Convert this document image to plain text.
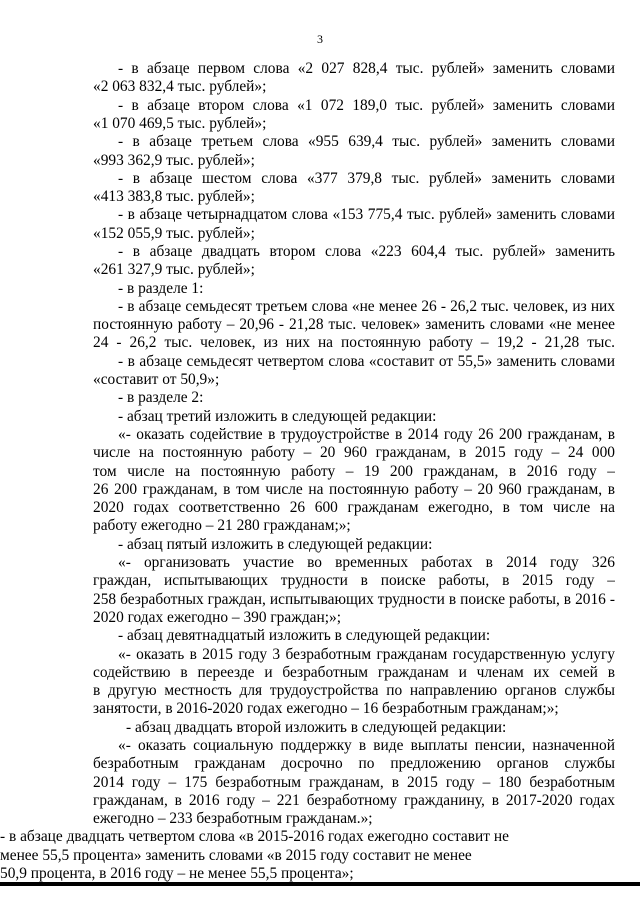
3
- в абзаце первом слова «2 027 828,4 тыс. рублей» заменить словами
«2 063 832,4 тыс. рублей»;
- в абзаце втором слова «1 072 189,0 тыс. рублей» заменить словами
«1 070 469,5 тыс. рублей»;
- в абзаце третьем слова «955 639,4 тыс. рублей» заменить словами
«993 362,9 тыс. рублей»;
- в абзаце шестом слова «377 379,8 тыс. рублей» заменить словами
«413 383,8 тыс. рублей»;
- в абзаце четырнадцатом слова «153 775,4 тыс. рублей» заменить словами
«152 055,9 тыс. рублей»;
- в абзаце двадцать втором слова «223 604,4 тыс. рублей» заменить
«261 327,9 тыс. рублей»;
- в разделе 1:
- в абзаце семьдесят третьем слова «не менее 26 - 26,2 тыс. человек, из них
постоянную работу – 20,96 - 21,28 тыс. человек» заменить словами «не менее
24 - 26,2 тыс. человек, из них на постоянную работу – 19,2 - 21,28 тыс.
- в абзаце семьдесят четвертом слова «составит от 55,5» заменить словами
«составит от 50,9»;
- в разделе 2:
- абзац третий изложить в следующей редакции:
«- оказать содействие в трудоустройстве в 2014 году 26 200 гражданам, в
числе на постоянную работу – 20 960 гражданам, в 2015 году – 24 000
том числе на постоянную работу – 19 200 гражданам, в 2016 году –
26 200 гражданам, в том числе на постоянную работу – 20 960 гражданам, в
2020 годах соответственно 26 600 гражданам ежегодно, в том числе на
работу ежегодно – 21 280 гражданам;»;
- абзац пятый изложить в следующей редакции:
«- организовать участие во временных работах в 2014 году 326
граждан, испытывающих трудности в поиске работы, в 2015 году –
258 безработных граждан, испытывающих трудности в поиске работы, в 2016 -
2020 годах ежегодно – 390 граждан;»;
- абзац девятнадцатый изложить в следующей редакции:
«- оказать в 2015 году 3 безработным гражданам государственную услугу
содействию в переезде и безработным гражданам и членам их семей в
в другую местность для трудоустройства по направлению органов службы
занятости, в 2016-2020 годах ежегодно – 16 безработным гражданам;»;
- абзац двадцать второй изложить в следующей редакции:
«- оказать социальную поддержку в виде выплаты пенсии, назначенной
безработным гражданам досрочно по предложению органов службы
2014 году – 175 безработным гражданам, в 2015 году – 180 безработным
гражданам, в 2016 году – 221 безработному гражданину, в 2017-2020 годах
ежегодно – 233 безработным гражданам.»;
- в абзаце двадцать четвертом слова «в 2015-2016 годах ежегодно составит не
менее 55,5 процента» заменить словами «в 2015 году составит не менее
50,9 процента, в 2016 году – не менее 55,5 процента»;
